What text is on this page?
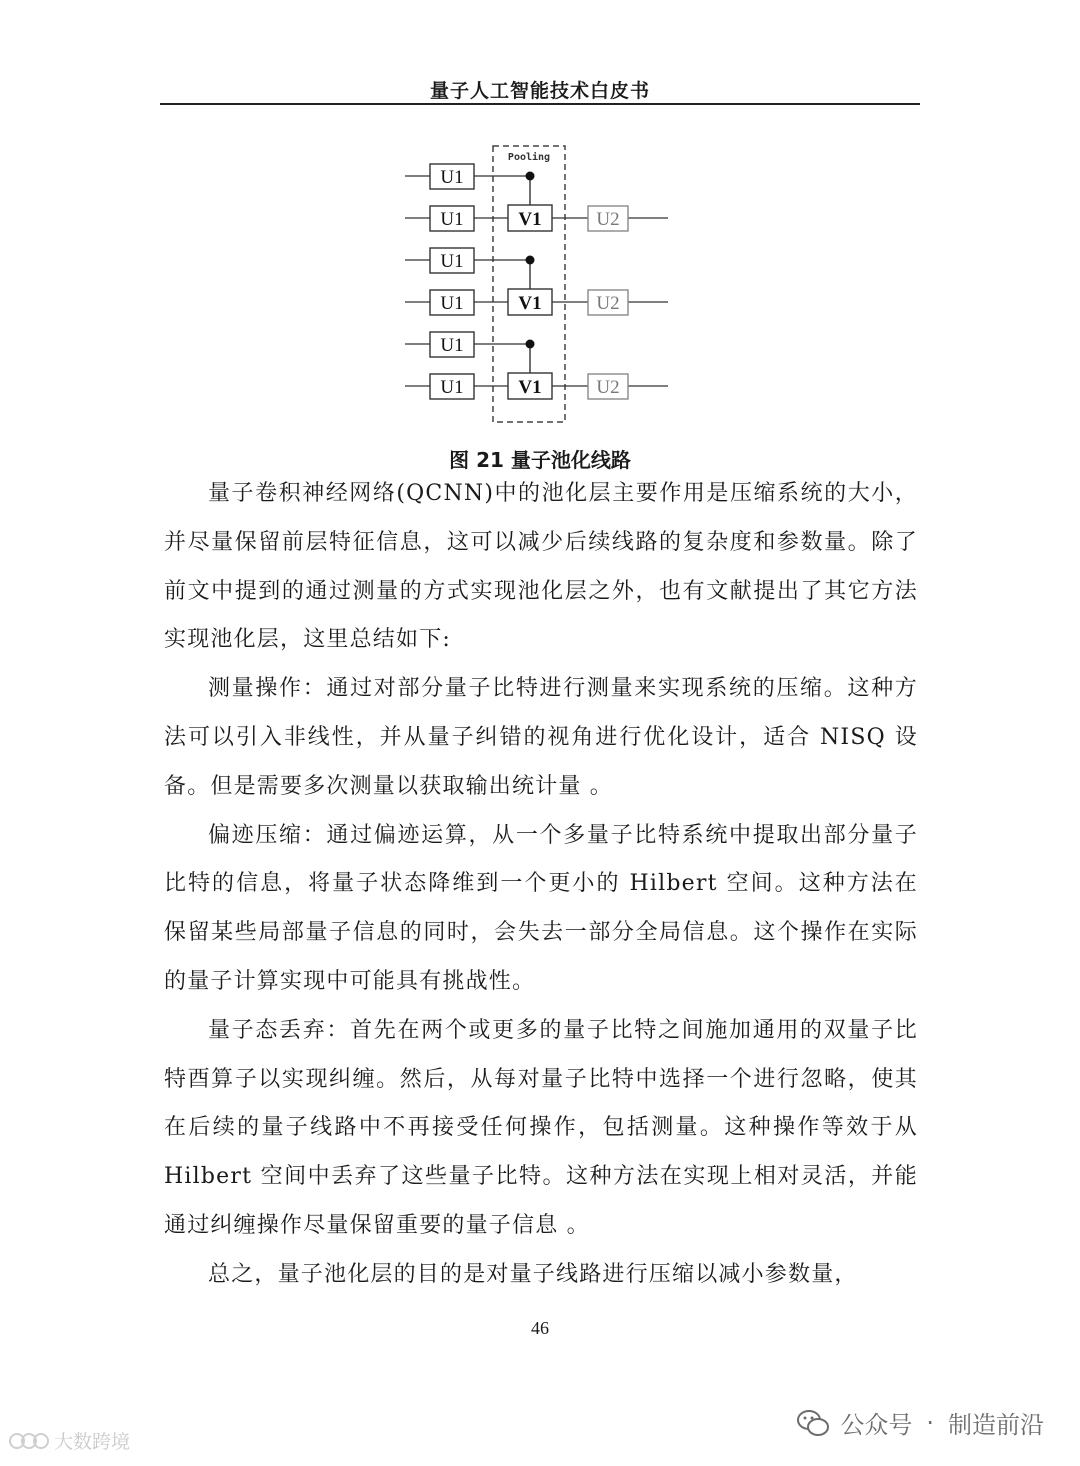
量子人工智能技术白皮书
Pooling
U1
U1
U1
U1
U1
U1
V1
V1
V1
U2
U2
U2
图 21 量子池化线路

量子卷积神经网络(QCNN)中的池化层主要作用是压缩系统的大小，并尽量保留前层特征信息，这可以减少后续线路的复杂度和参数量。除了前文中提到的通过测量的方式实现池化层之外，也有文献提出了其它方法实现池化层，这里总结如下:

测量操作：通过对部分量子比特进行测量来实现系统的压缩。这种方法可以引入非线性，并从量子纠错的视角进行优化设计，适合 NISQ 设备。但是需要多次测量以获取输出统计量 。

偏迹压缩：通过偏迹运算，从一个多量子比特系统中提取出部分量子比特的信息，将量子状态降维到一个更小的 Hilbert 空间。这种方法在保留某些局部量子信息的同时，会失去一部分全局信息。这个操作在实际的量子计算实现中可能具有挑战性。

量子态丢弃：首先在两个或更多的量子比特之间施加通用的双量子比特酉算子以实现纠缠。然后，从每对量子比特中选择一个进行忽略，使其在后续的量子线路中不再接受任何操作，包括测量。这种操作等效于从 Hilbert 空间中丢弃了这些量子比特。这种方法在实现上相对灵活，并能通过纠缠操作尽量保留重要的量子信息 。

总之，量子池化层的目的是对量子线路进行压缩以减小参数量，

46
大数跨境
公众号 · 制造前沿
